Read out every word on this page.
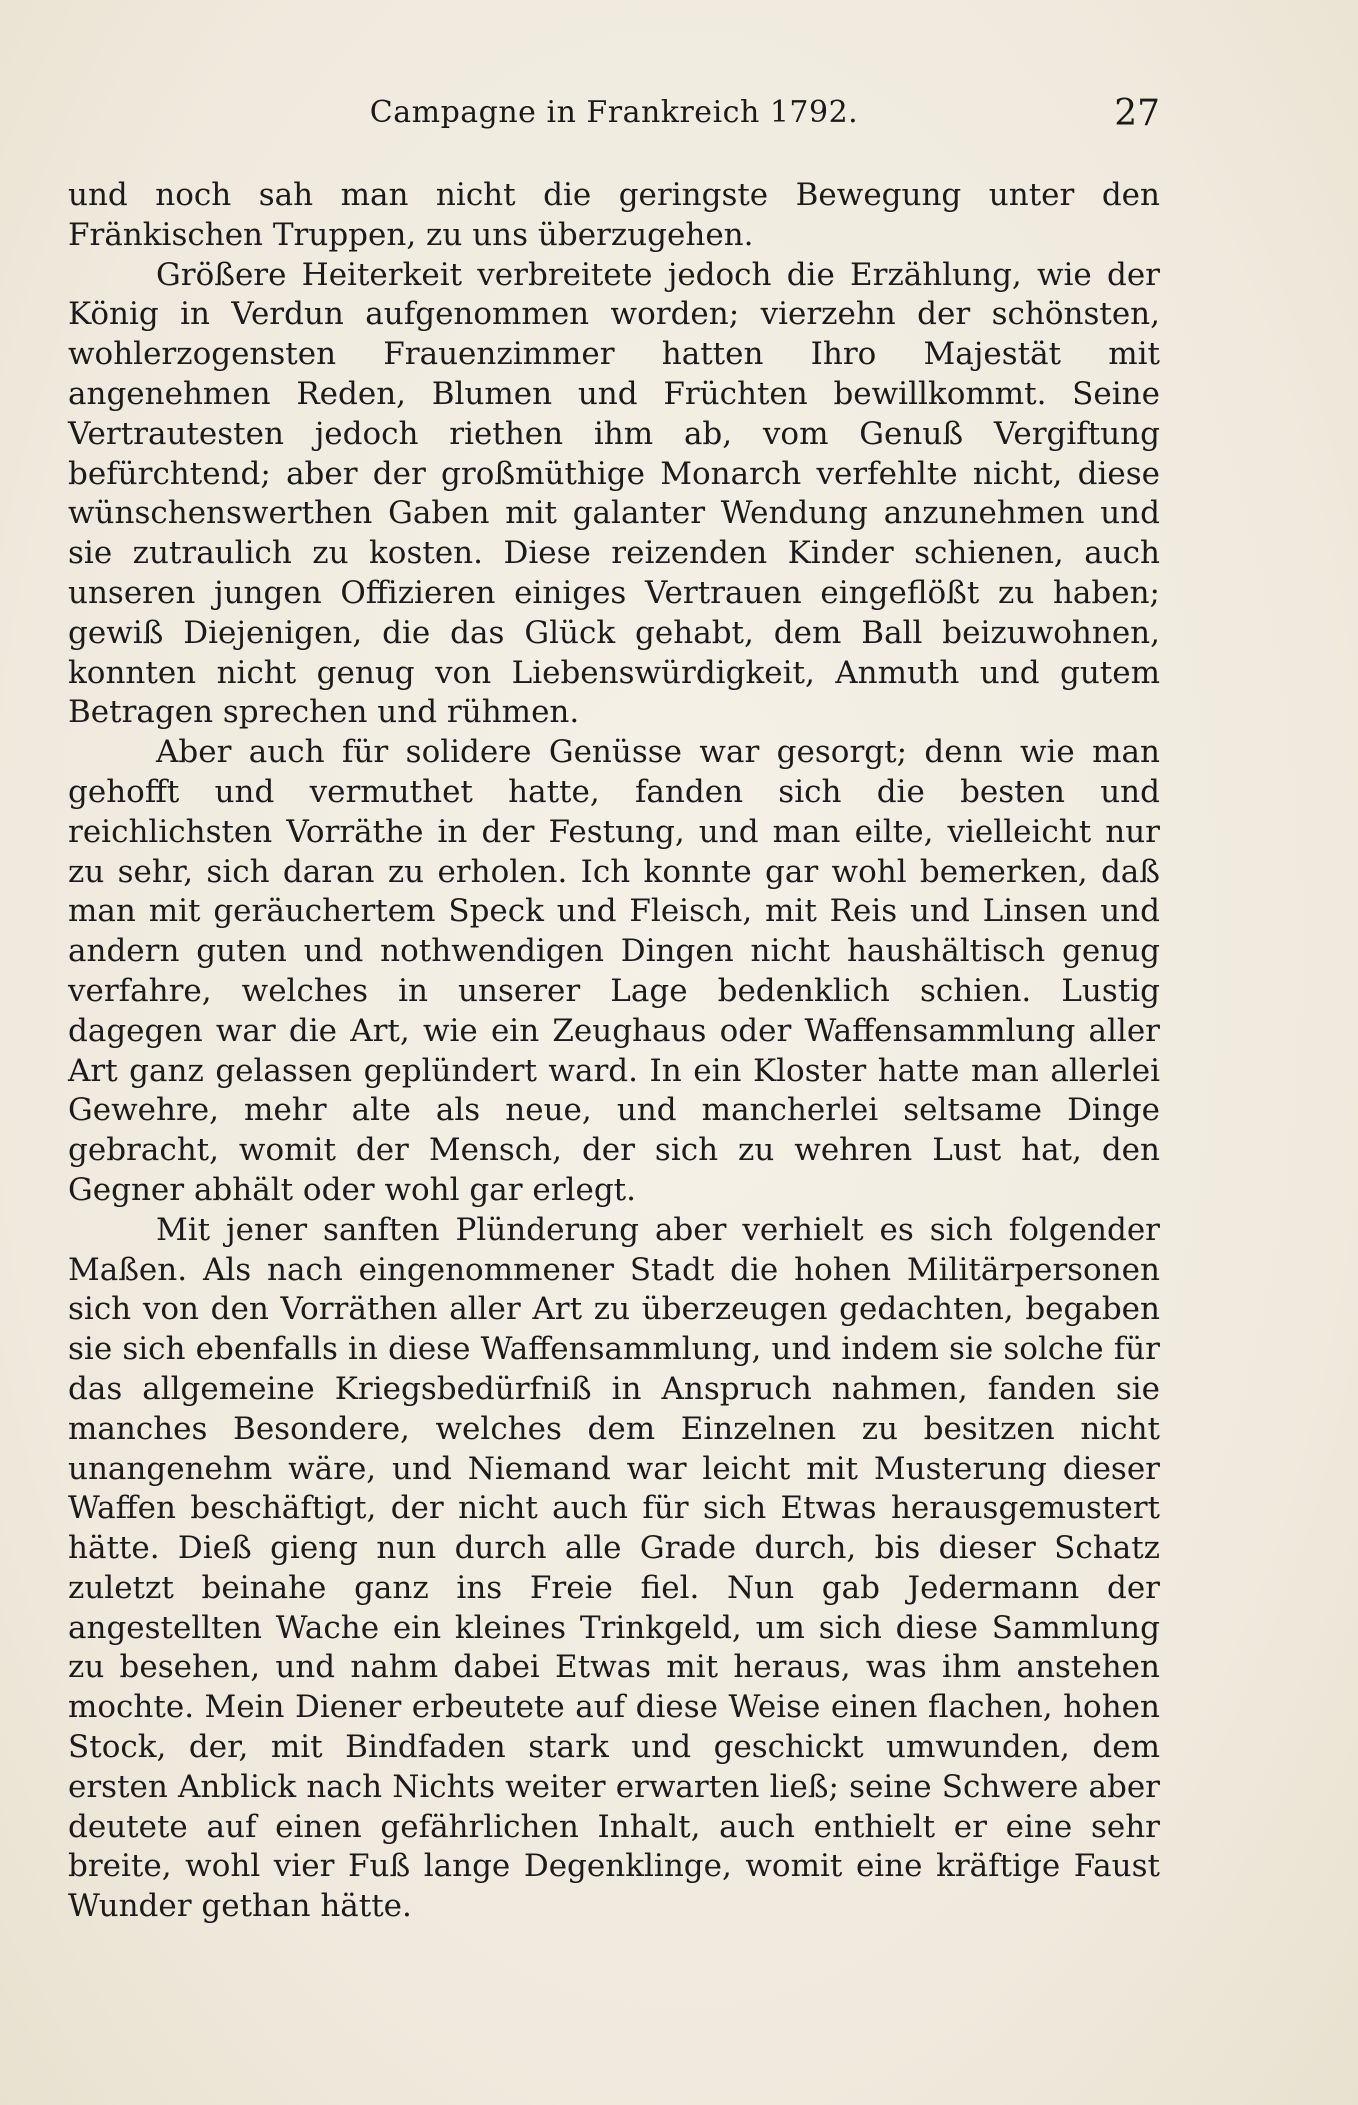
Campagne in Frankreich 1792.	27

und noch sah man nicht die geringste Bewegung unter den Fränkischen Truppen, zu uns überzugehen.

Größere Heiterkeit verbreitete jedoch die Erzählung, wie der König in Verdun aufgenommen worden; vierzehn der schönsten, wohlerzogensten Frauenzimmer hatten Ihro Majestät mit angenehmen Reden, Blumen und Früchten bewillkommt. Seine Vertrautesten jedoch riethen ihm ab, vom Genuß Vergiftung befürchtend; aber der großmüthige Monarch verfehlte nicht, diese wünschenswerthen Gaben mit galanter Wendung anzunehmen und sie zutraulich zu kosten. Diese reizenden Kinder schienen, auch unseren jungen Offizieren einiges Vertrauen eingeflößt zu haben; gewiß Diejenigen, die das Glück gehabt, dem Ball beizuwohnen, konnten nicht genug von Liebenswürdigkeit, Anmuth und gutem Betragen sprechen und rühmen.

Aber auch für solidere Genüsse war gesorgt; denn wie man gehofft und vermuthet hatte, fanden sich die besten und reichlichsten Vorräthe in der Festung, und man eilte, vielleicht nur zu sehr, sich daran zu erholen. Ich konnte gar wohl bemerken, daß man mit geräuchertem Speck und Fleisch, mit Reis und Linsen und andern guten und nothwendigen Dingen nicht haushältisch genug verfahre, welches in unserer Lage bedenklich schien. Lustig dagegen war die Art, wie ein Zeughaus oder Waffensammlung aller Art ganz gelassen geplündert ward. In ein Kloster hatte man allerlei Gewehre, mehr alte als neue, und mancherlei seltsame Dinge gebracht, womit der Mensch, der sich zu wehren Lust hat, den Gegner abhält oder wohl gar erlegt.

Mit jener sanften Plünderung aber verhielt es sich folgender Maßen. Als nach eingenommener Stadt die hohen Militärpersonen sich von den Vorräthen aller Art zu überzeugen gedachten, begaben sie sich ebenfalls in diese Waffensammlung, und indem sie solche für das allgemeine Kriegsbedürfniß in Anspruch nahmen, fanden sie manches Besondere, welches dem Einzelnen zu besitzen nicht unangenehm wäre, und Niemand war leicht mit Musterung dieser Waffen beschäftigt, der nicht auch für sich Etwas herausgemustert hätte. Dieß gieng nun durch alle Grade durch, bis dieser Schatz zuletzt beinahe ganz ins Freie fiel. Nun gab Jedermann der angestellten Wache ein kleines Trinkgeld, um sich diese Sammlung zu besehen, und nahm dabei Etwas mit heraus, was ihm anstehen mochte. Mein Diener erbeutete auf diese Weise einen flachen, hohen Stock, der, mit Bindfaden stark und geschickt umwunden, dem ersten Anblick nach Nichts weiter erwarten ließ; seine Schwere aber deutete auf einen gefährlichen Inhalt, auch enthielt er eine sehr breite, wohl vier Fuß lange Degenklinge, womit eine kräftige Faust Wunder gethan hätte.
